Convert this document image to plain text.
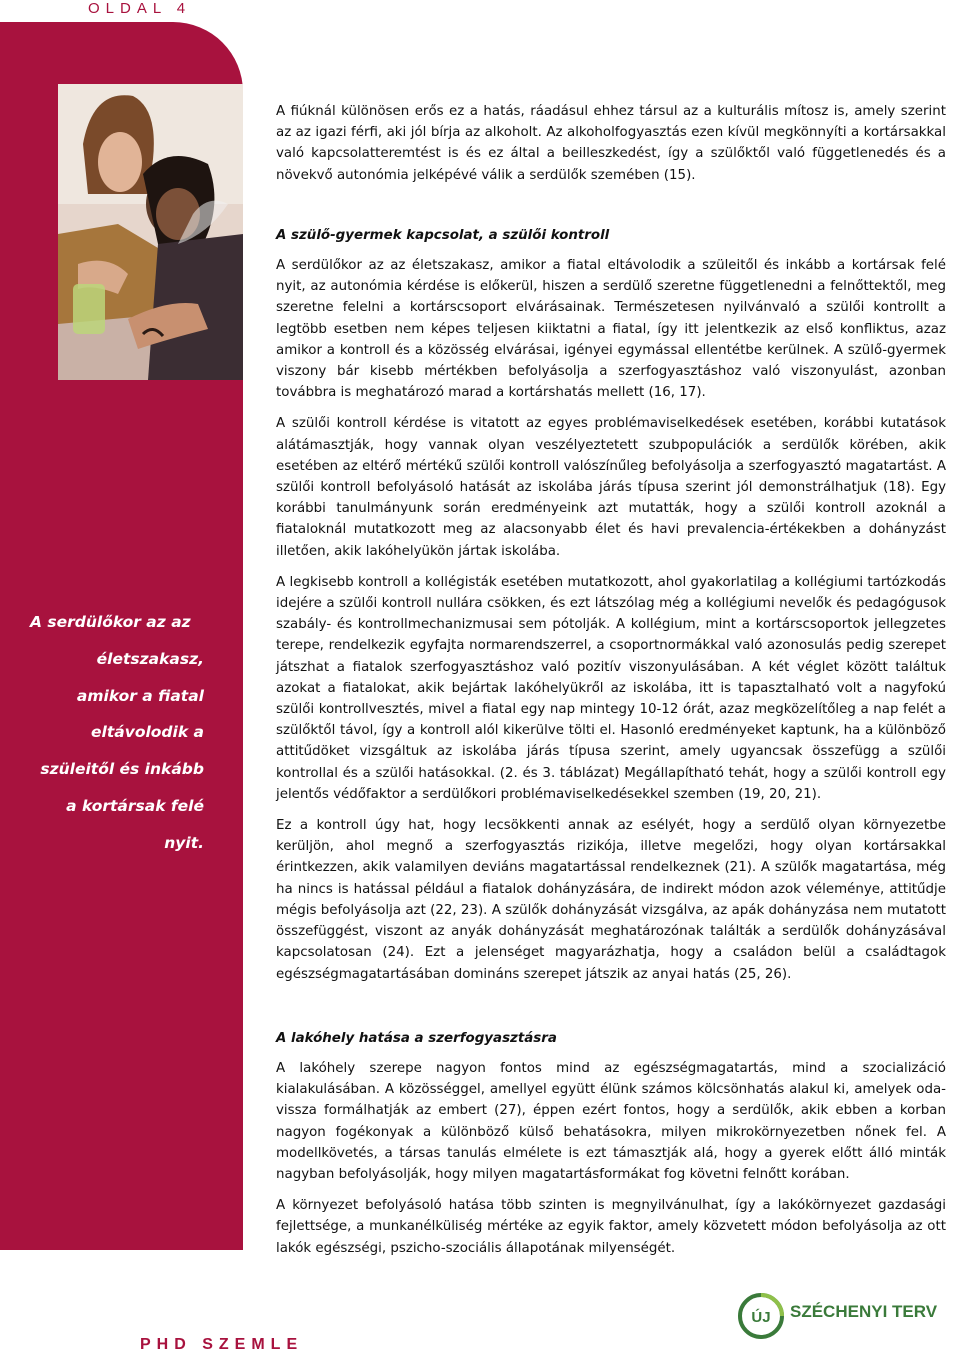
OLDAL 4
A serdülőkor az az
életszakasz,
amikor a fiatal
eltávolodik a
szüleitől és inkább
a kortársak felé
nyit.

A fiúknál különösen erős ez a hatás, ráadásul ehhez társul az a kulturális mítosz is, amely szerint az az igazi férfi, aki jól bírja az alkoholt. Az alkoholfogyasztás ezen kívül megkönnyíti a kortársakkal való kapcsolatteremtést is és ez által a beilleszkedést, így a szülőktől való függetlenedés és a növekvő autonómia jelképévé válik a serdülők szemében (15).

A szülő-gyermek kapcsolat, a szülői kontroll

A serdülőkor az az életszakasz, amikor a fiatal eltávolodik a szüleitől és inkább a kortársak felé nyit, az autonómia kérdése is előkerül, hiszen a serdülő szeretne függetlenedni a felnőttektől, meg szeretne felelni a kortárscsoport elvárásainak. Természetesen nyilvánvaló a szülői kontrollt a legtöbb esetben nem képes teljesen kiiktatni a fiatal, így itt jelentkezik az első konfliktus, azaz amikor a kontroll és a közösség elvárásai, igényei egymással ellentétbe kerülnek. A szülő-gyermek viszony bár kisebb mértékben befolyásolja a szerfogyasztáshoz való viszonyulást, azonban továbbra is meghatározó marad a kortárshatás mellett (16, 17).

A szülői kontroll kérdése is vitatott az egyes problémaviselkedések esetében, korábbi kutatások alátámasztják, hogy vannak olyan veszélyeztetett szubpopulációk a serdülők körében, akik esetében az eltérő mértékű szülői kontroll valószínűleg befolyásolja a szerfogyasztó magatartást. A szülői kontroll befolyásoló hatását az iskolába járás típusa szerint jól demonstrálhatjuk (18). Egy korábbi tanulmányunk során eredményeink azt mutatták, hogy a szülői kontroll azoknál a fiataloknál mutatkozott meg az alacsonyabb élet és havi prevalencia-értékekben a dohányzást illetően, akik lakóhelyükön jártak iskolába.

A legkisebb kontroll a kollégisták esetében mutatkozott, ahol gyakorlatilag a kollégiumi tartózkodás idejére a szülői kontroll nullára csökken, és ezt látszólag még a kollégiumi nevelők és pedagógusok szabály- és kontrollmechanizmusai sem pótolják. A kollégium, mint a kortárscsoportok jellegzetes terepe, rendelkezik egyfajta normarendszerrel, a csoportnormákkal való azonosulás pedig szerepet játszhat a fiatalok szerfogyasztáshoz való pozitív viszonyulásában. A két véglet között találtuk azokat a fiatalokat, akik bejártak lakóhelyükről az iskolába, itt is tapasztalható volt a nagyfokú szülői kontrollvesztés, mivel a fiatal egy nap mintegy 10-12 órát, azaz megközelítőleg a nap felét a szülőktől távol, így a kontroll alól kikerülve tölti el. Hasonló eredményeket kaptunk, ha a különböző attitűdöket vizsgáltuk az iskolába járás típusa szerint, amely ugyancsak összefügg a szülői kontrollal és a szülői hatásokkal. (2. és 3. táblázat) Megállapítható tehát, hogy a szülői kontroll egy jelentős védőfaktor a serdülőkori problémaviselkedésekkel szemben (19, 20, 21).

Ez a kontroll úgy hat, hogy lecsökkenti annak az esélyét, hogy a serdülő olyan környezetbe kerüljön, ahol megnő a szerfogyasztás rizikója, illetve megelőzi, hogy olyan kortársakkal érintkezzen, akik valamilyen deviáns magatartással rendelkeznek (21). A szülők magatartása, még ha nincs is hatással például a fiatalok dohányzására, de indirekt módon azok véleménye, attitűdje mégis befolyásolja azt (22, 23). A szülők dohányzását vizsgálva, az apák dohányzása nem mutatott összefüggést, viszont az anyák dohányzását meghatározónak találták a serdülők dohányzásával kapcsolatosan (24). Ezt a jelenséget magyarázhatja, hogy a családon belül a családtagok egészségmagatartásában domináns szerepet játszik az anyai hatás (25, 26).

A lakóhely hatása a szerfogyasztásra

A lakóhely szerepe nagyon fontos mind az egészségmagatartás, mind a szocializáció kialakulásában. A közösséggel, amellyel együtt élünk számos kölcsönhatás alakul ki, amelyek oda-vissza formálhatják az embert (27), éppen ezért fontos, hogy a serdülők, akik ebben a korban nagyon fogékonyak a különböző külső behatásokra, milyen mikrokörnyezetben nőnek fel. A modellkövetés, a társas tanulás elmélete is ezt támasztják alá, hogy a gyerek előtt álló minták nagyban befolyásolják, hogy milyen magatartásformákat fog követni felnőtt korában.

A környezet befolyásoló hatása több szinten is megnyilvánulhat, így a lakókörnyezet gazdasági fejlettsége, a munkanélküliség mértéke az egyik faktor, amely közvetett módon befolyásolja az ott lakók egészségi, pszicho-szociális állapotának milyenségét.

PHD SZEMLE
ÚJ SZÉCHENYI TERV
